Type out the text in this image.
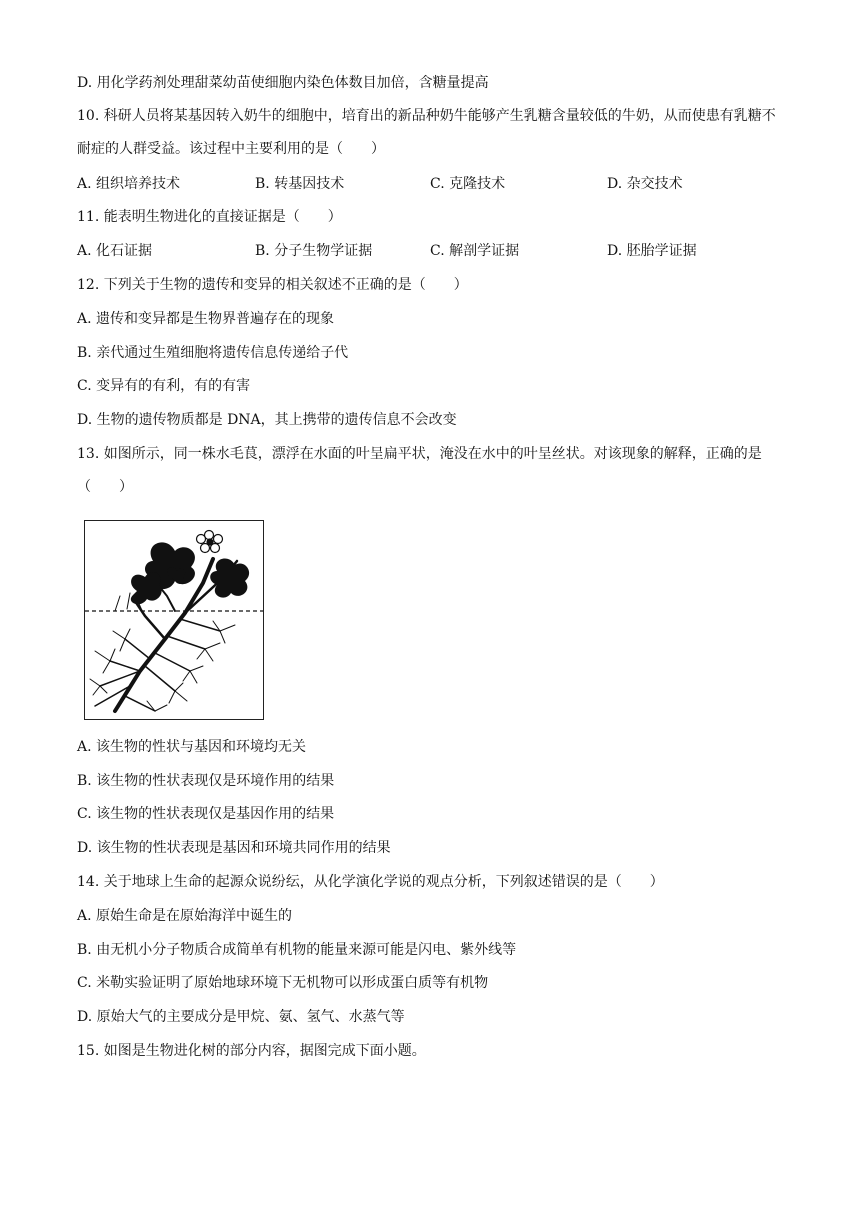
D. 用化学药剂处理甜菜幼苗使细胞内染色体数目加倍，含糖量提高
10. 科研人员将某基因转入奶牛的细胞中，培育出的新品种奶牛能够产生乳糖含量较低的牛奶，从而使患有乳糖不耐症的人群受益。该过程中主要利用的是（　　）
A. 组织培养技术	B. 转基因技术	C. 克隆技术	D. 杂交技术
11. 能表明生物进化的直接证据是（　　）
A. 化石证据	B. 分子生物学证据	C. 解剖学证据	D. 胚胎学证据
12. 下列关于生物的遗传和变异的相关叙述不正确的是（　　）
A. 遗传和变异都是生物界普遍存在的现象
B. 亲代通过生殖细胞将遗传信息传递给子代
C. 变异有的有利，有的有害
D. 生物的遗传物质都是 DNA，其上携带的遗传信息不会改变
13. 如图所示，同一株水毛茛，漂浮在水面的叶呈扁平状，淹没在水中的叶呈丝状。对该现象的解释，正确的是（　　）
A. 该生物的性状与基因和环境均无关
B. 该生物的性状表现仅是环境作用的结果
C. 该生物的性状表现仅是基因作用的结果
D. 该生物的性状表现是基因和环境共同作用的结果
14. 关于地球上生命的起源众说纷纭，从化学演化学说的观点分析，下列叙述错误的是（　　）
A. 原始生命是在原始海洋中诞生的
B. 由无机小分子物质合成简单有机物的能量来源可能是闪电、紫外线等
C. 米勒实验证明了原始地球环境下无机物可以形成蛋白质等有机物
D. 原始大气的主要成分是甲烷、氨、氢气、水蒸气等
15. 如图是生物进化树的部分内容，据图完成下面小题。
